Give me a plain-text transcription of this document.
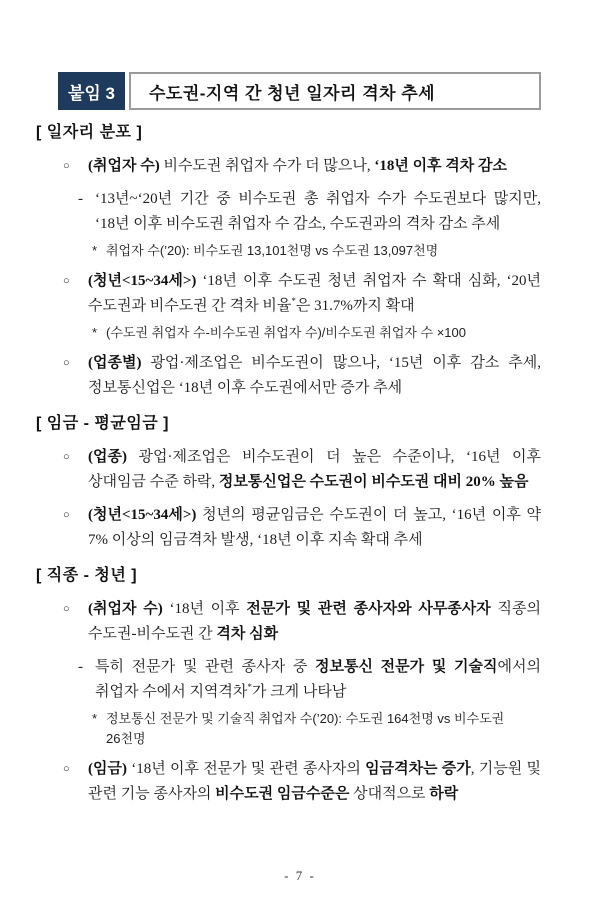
붙임 3	수도권-지역 간 청년 일자리 격차 추세
[ 일자리 분포 ]
○ (취업자 수) 비수도권 취업자 수가 더 많으나, ‘18년 이후 격차 감소
- ‘13년~‘20년 기간 중 비수도권 총 취업자 수가 수도권보다 많지만, ‘18년 이후 비수도권 취업자 수 감소, 수도권과의 격차 감소 추세
* 취업자 수(’20): 비수도권 13,101천명 vs 수도권 13,097천명
○ (청년<15~34세>) ‘18년 이후 수도권 청년 취업자 수 확대 심화, ‘20년 수도권과 비수도권 간 격차 비율*은 31.7%까지 확대
* (수도권 취업자 수-비수도권 취업자 수)/비수도권 취업자 수 ×100
○ (업종별) 광업·제조업은 비수도권이 많으나, ‘15년 이후 감소 추세, 정보통신업은 ‘18년 이후 수도권에서만 증가 추세
[ 임금 - 평균임금 ]
○ (업종) 광업·제조업은 비수도권이 더 높은 수준이나, ‘16년 이후 상대임금 수준 하락, 정보통신업은 수도권이 비수도권 대비 20% 높음
○ (청년<15~34세>) 청년의 평균임금은 수도권이 더 높고, ‘16년 이후 약 7% 이상의 임금격차 발생, ‘18년 이후 지속 확대 추세
[ 직종 - 청년 ]
○ (취업자 수) ‘18년 이후 전문가 및 관련 종사자와 사무종사자 직종의 수도권-비수도권 간 격차 심화
- 특히 전문가 및 관련 종사자 중 정보통신 전문가 및 기술직에서의 취업자 수에서 지역격차*가 크게 나타남
* 정보통신 전문가 및 기술직 취업자 수(’20): 수도권 164천명 vs 비수도권 26천명
○ (임금) ‘18년 이후 전문가 및 관련 종사자의 임금격차는 증가, 기능원 및 관련 기능 종사자의 비수도권 임금수준은 상대적으로 하락
- 7 -
